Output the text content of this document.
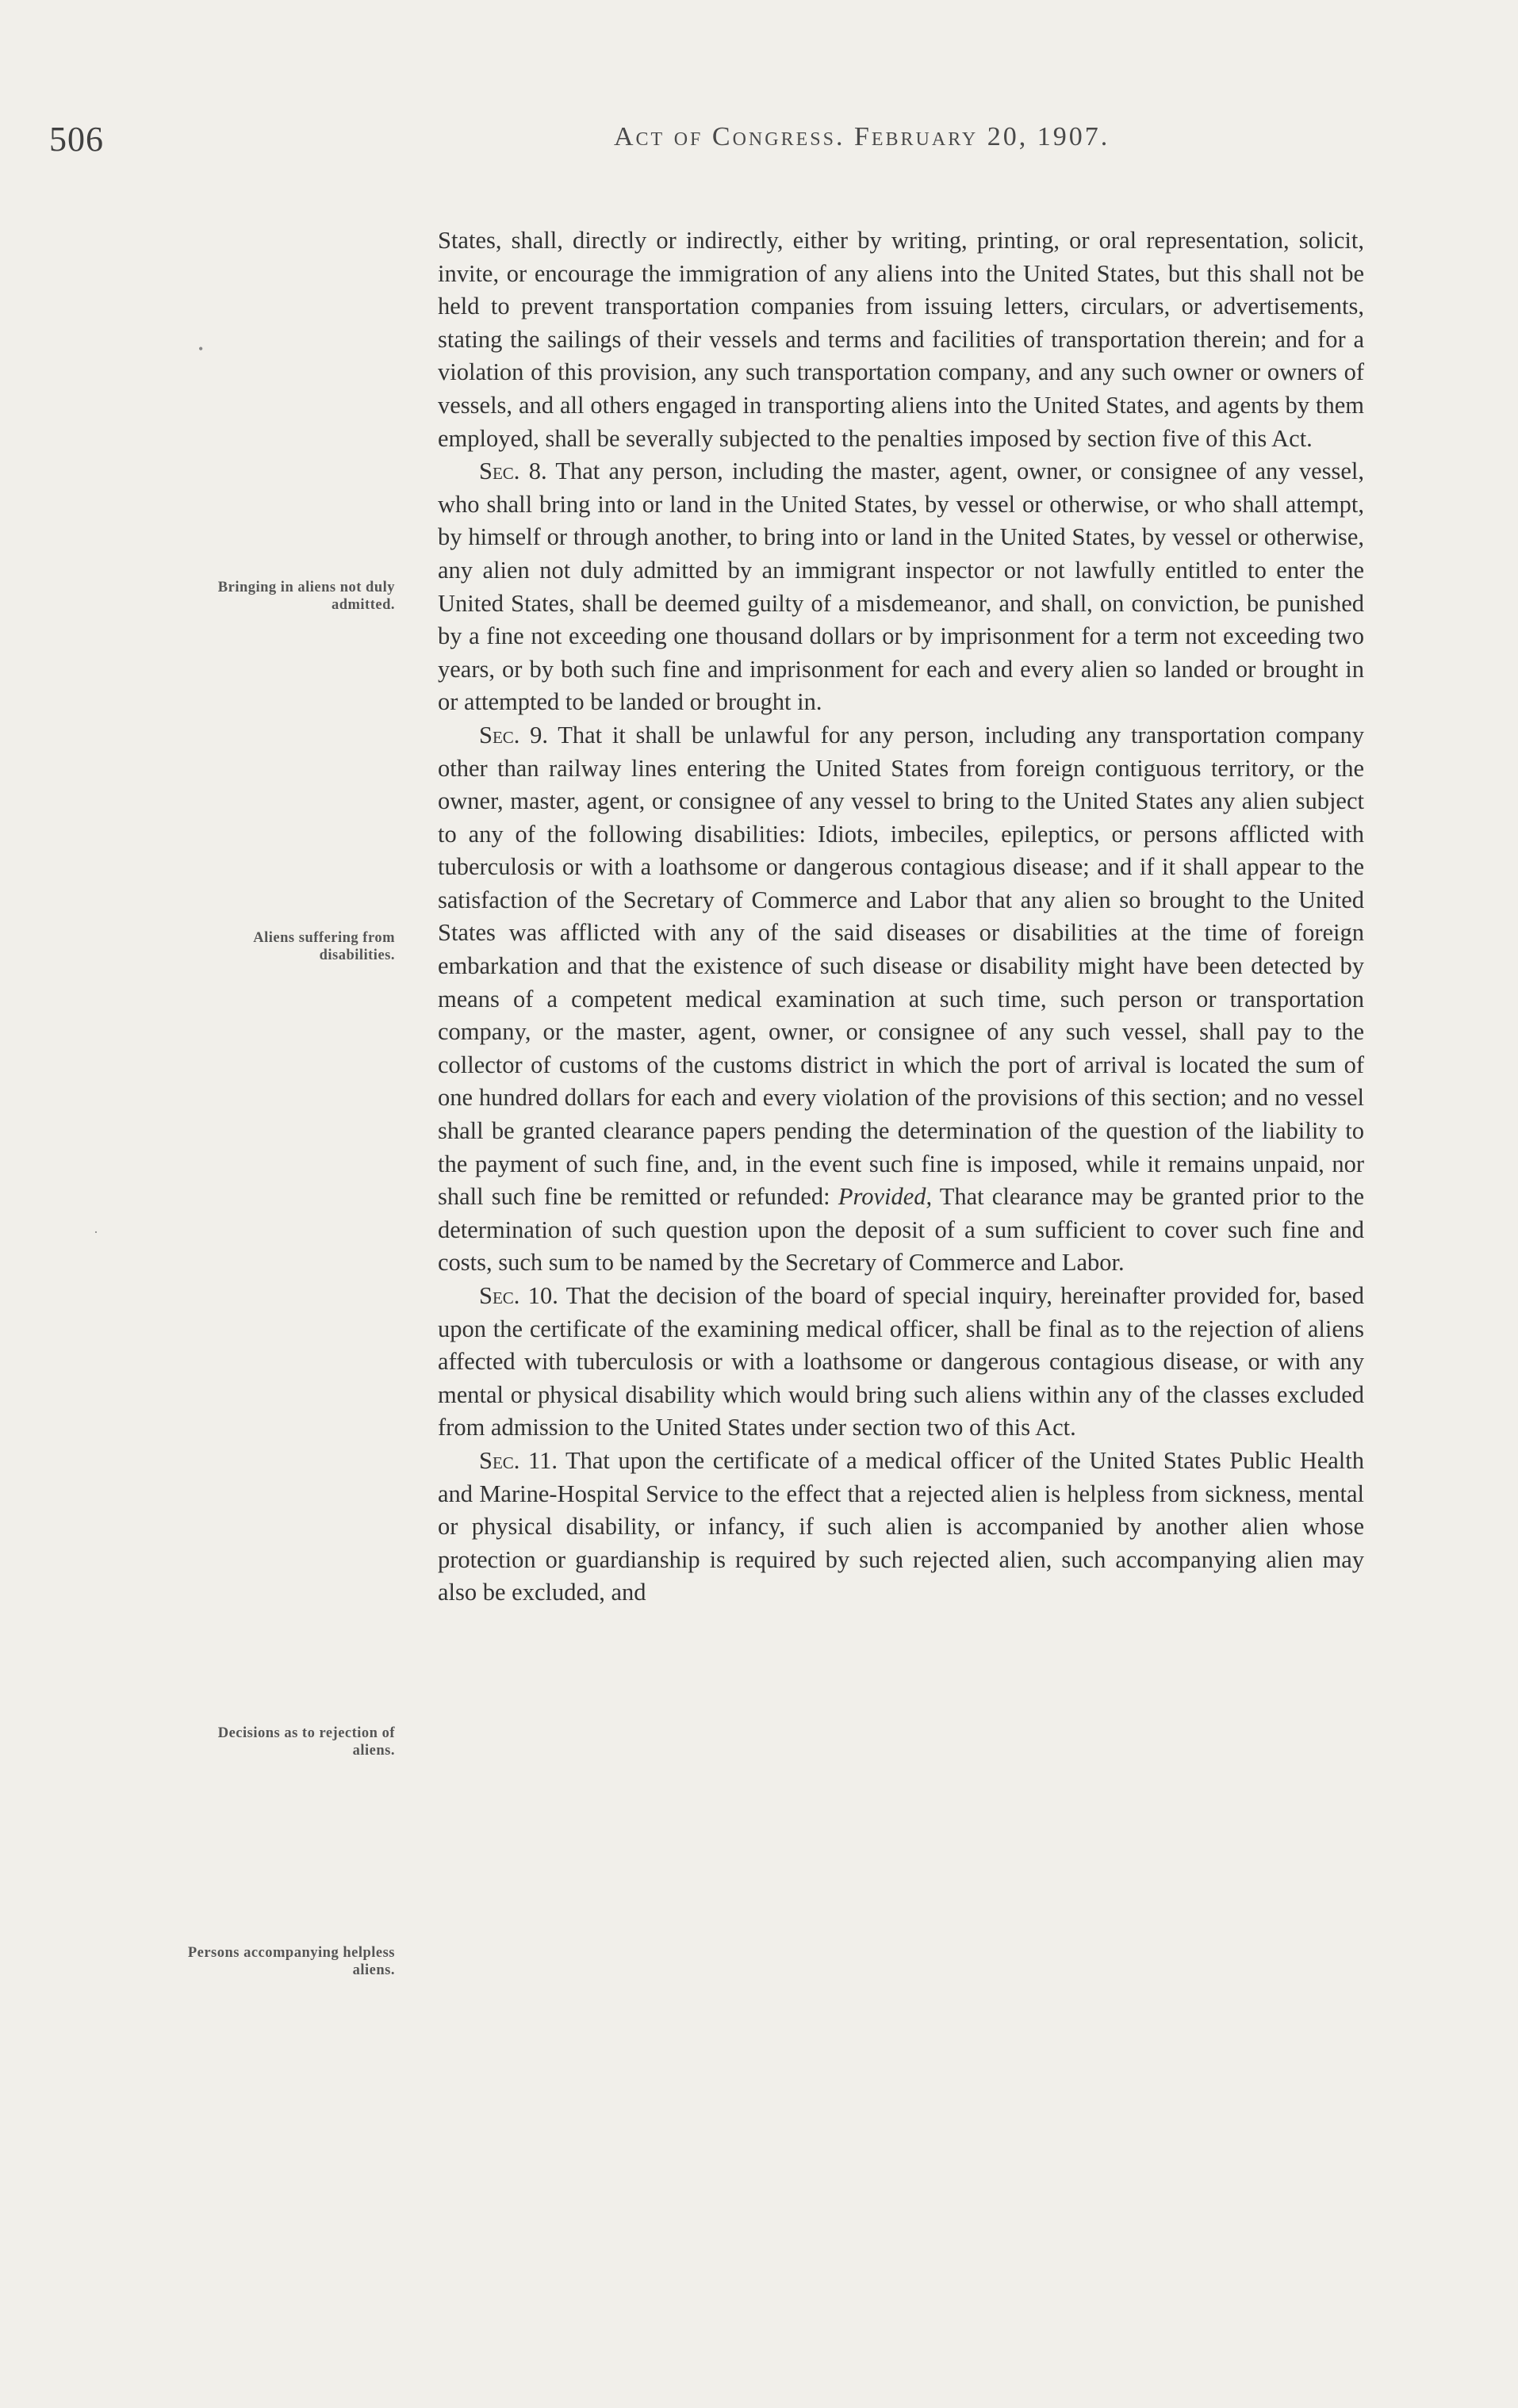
506	Act of Congress. February 20, 1907.
Bringing in aliens not duly admitted.
Aliens suffering from disabilities.
Decisions as to rejection of aliens.
Persons accompanying helpless aliens.
•
·

States, shall, directly or indirectly, either by writing, printing, or oral representation, solicit, invite, or encourage the immigration of any aliens into the United States, but this shall not be held to prevent transportation companies from issuing letters, circulars, or advertisements, stating the sailings of their vessels and terms and facilities of transportation therein; and for a violation of this provision, any such transportation company, and any such owner or owners of vessels, and all others engaged in transporting aliens into the United States, and agents by them employed, shall be severally subjected to the penalties imposed by section five of this Act.

Sec. 8. That any person, including the master, agent, owner, or consignee of any vessel, who shall bring into or land in the United States, by vessel or otherwise, or who shall attempt, by himself or through another, to bring into or land in the United States, by vessel or otherwise, any alien not duly admitted by an immigrant inspector or not lawfully entitled to enter the United States, shall be deemed guilty of a misdemeanor, and shall, on conviction, be punished by a fine not exceeding one thousand dollars or by imprisonment for a term not exceeding two years, or by both such fine and imprisonment for each and every alien so landed or brought in or attempted to be landed or brought in.

Sec. 9. That it shall be unlawful for any person, including any transportation company other than railway lines entering the United States from foreign contiguous territory, or the owner, master, agent, or consignee of any vessel to bring to the United States any alien subject to any of the following disabilities: Idiots, imbeciles, epileptics, or persons afflicted with tuberculosis or with a loathsome or dangerous contagious disease; and if it shall appear to the satisfaction of the Secretary of Commerce and Labor that any alien so brought to the United States was afflicted with any of the said diseases or disabilities at the time of foreign embarkation and that the existence of such disease or disability might have been detected by means of a competent medical examination at such time, such person or transportation company, or the master, agent, owner, or consignee of any such vessel, shall pay to the collector of customs of the customs district in which the port of arrival is located the sum of one hundred dollars for each and every violation of the provisions of this section; and no vessel shall be granted clearance papers pending the determination of the question of the liability to the payment of such fine, and, in the event such fine is imposed, while it remains unpaid, nor shall such fine be remitted or refunded: Provided, That clearance may be granted prior to the determination of such question upon the deposit of a sum sufficient to cover such fine and costs, such sum to be named by the Secretary of Commerce and Labor.

Sec. 10. That the decision of the board of special inquiry, hereinafter provided for, based upon the certificate of the examining medical officer, shall be final as to the rejection of aliens affected with tuberculosis or with a loathsome or dangerous contagious disease, or with any mental or physical disability which would bring such aliens within any of the classes excluded from admission to the United States under section two of this Act.

Sec. 11. That upon the certificate of a medical officer of the United States Public Health and Marine-Hospital Service to the effect that a rejected alien is helpless from sickness, mental or physical disability, or infancy, if such alien is accompanied by another alien whose protection or guardianship is required by such rejected alien, such accompanying alien may also be excluded, and
